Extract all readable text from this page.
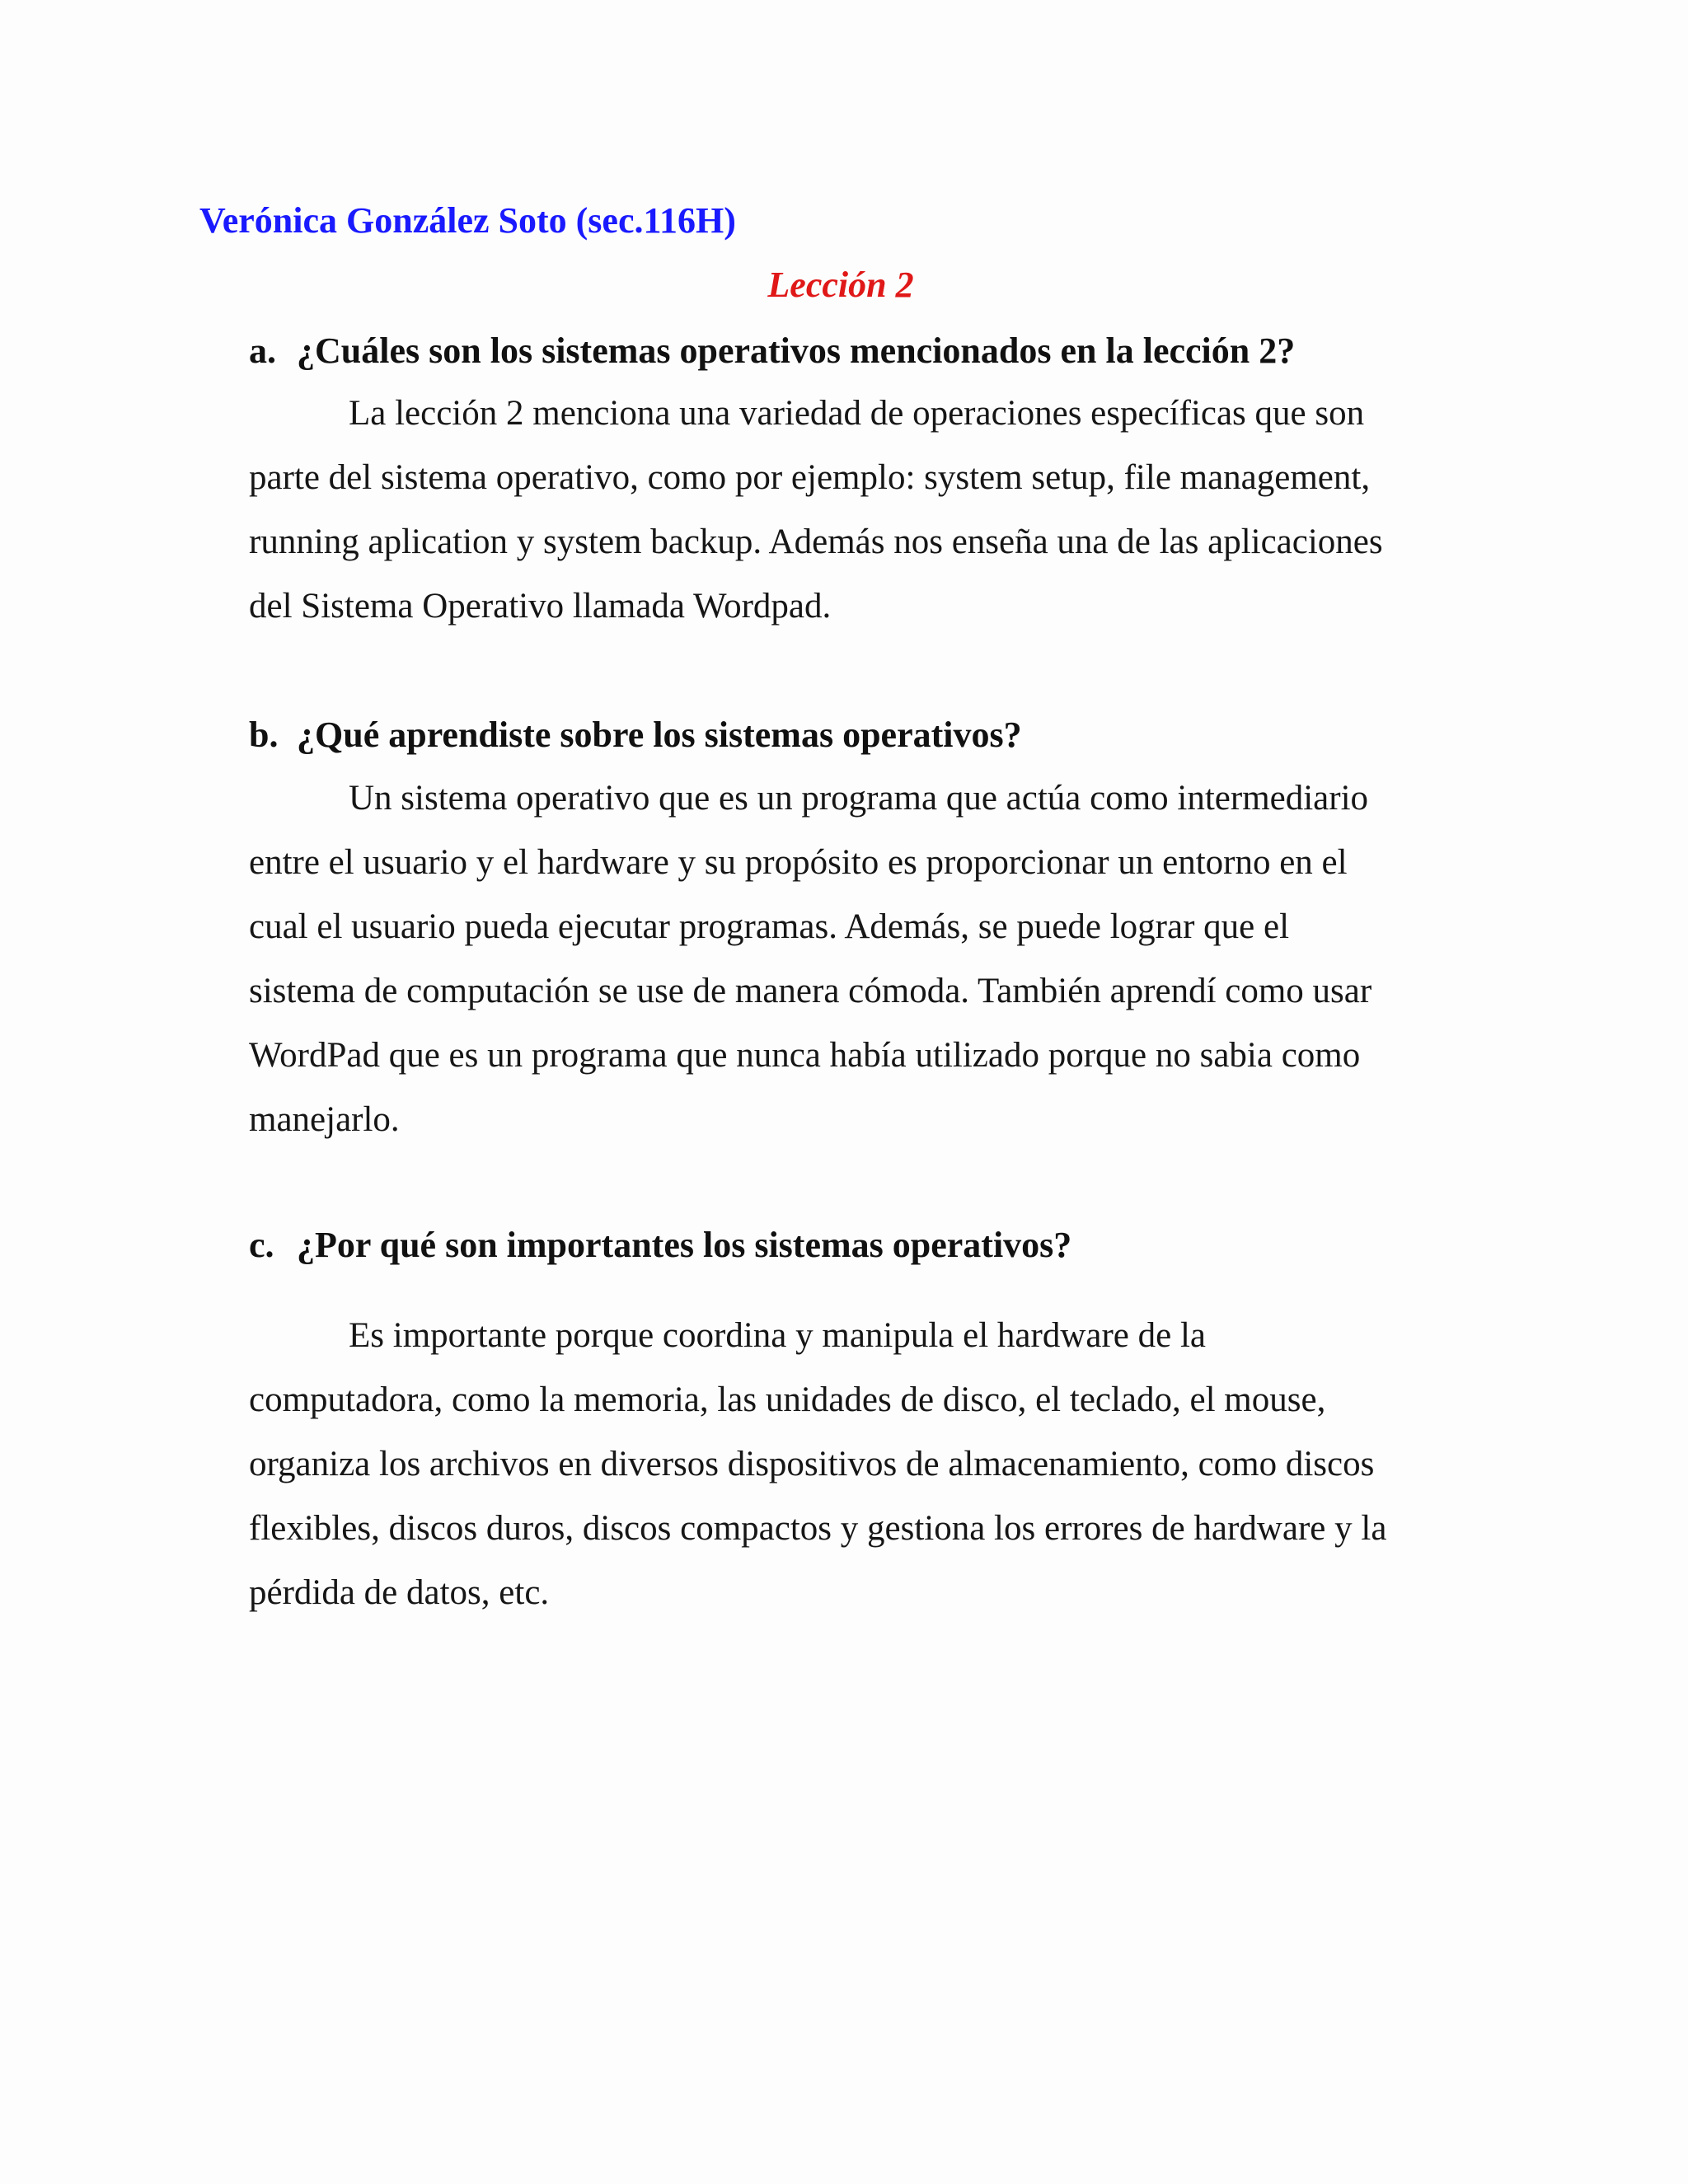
Verónica González Soto (sec.116H)
Lección 2
a. ¿Cuáles son los sistemas operativos mencionados en la lección 2?
La lección 2 menciona una variedad de operaciones específicas que son
parte del sistema operativo, como por ejemplo: system setup, file management,
running aplication y system backup. Además nos enseña una de las aplicaciones
del Sistema Operativo llamada Wordpad.
b. ¿Qué aprendiste sobre los sistemas operativos?
Un sistema operativo que es un programa que actúa como intermediario
entre el usuario y el hardware y su propósito es proporcionar un entorno en el
cual el usuario pueda ejecutar programas. Además, se puede lograr que el
sistema de computación se use de manera cómoda. También aprendí como usar
WordPad que es un programa que nunca había utilizado porque no sabia como
manejarlo.
c. ¿Por qué son importantes los sistemas operativos?
Es importante porque coordina y manipula el hardware de la
computadora, como la memoria, las unidades de disco, el teclado, el mouse,
organiza los archivos en diversos dispositivos de almacenamiento, como discos
flexibles, discos duros, discos compactos y gestiona los errores de hardware y la
pérdida de datos, etc.
